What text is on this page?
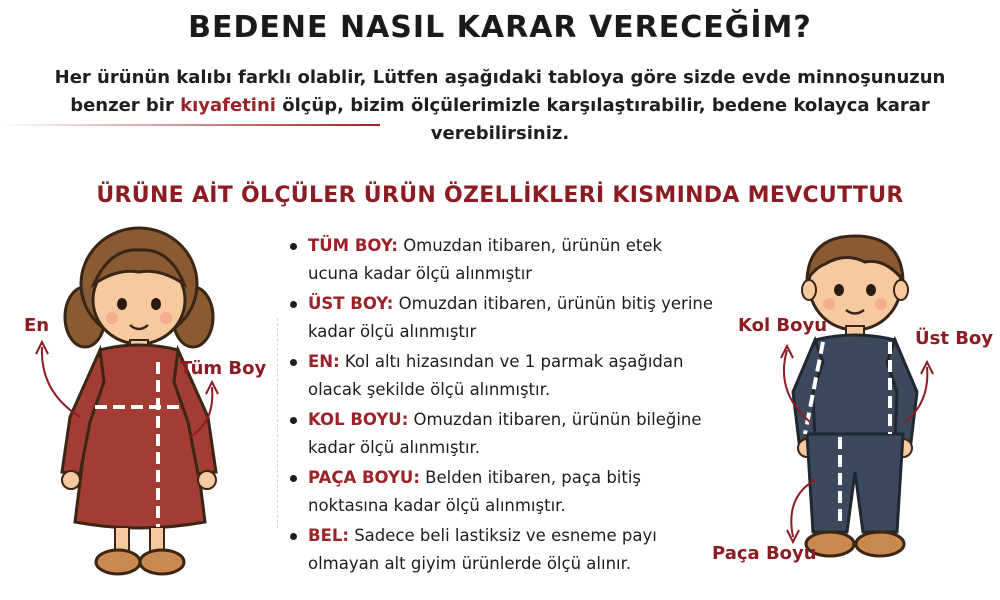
BEDENE NASIL KARAR VERECEĞİM?

Her ürünün kalıbı farklı olablir, Lütfen aşağıdaki tabloya göre sizde evde minnoşunuzun benzer bir kıyafetini ölçüp, bizim ölçülerimizle karşılaştırabilir, bedene kolayca karar verebilirsiniz.

ÜRÜNE AİT ÖLÇÜLER ÜRÜN ÖZELLİKLERİ KISMINDA MEVCUTTUR
En
Tüm Boy
TÜM BOY: Omuzdan itibaren, ürünün etek ucuna kadar ölçü alınmıştır
ÜST BOY: Omuzdan itibaren, ürünün bitiş yerine kadar ölçü alınmıştır
EN: Kol altı hizasından ve 1 parmak aşağıdan olacak şekilde ölçü alınmıştır.
KOL BOYU: Omuzdan itibaren, ürünün bileğine kadar ölçü alınmıştır.
PAÇA BOYU: Belden itibaren, paça bitiş noktasına kadar ölçü alınmıştır.
BEL: Sadece beli lastiksiz ve esneme payı olmayan alt giyim ürünlerde ölçü alınır.
Kol Boyu
Üst Boy
Paça Boyu
